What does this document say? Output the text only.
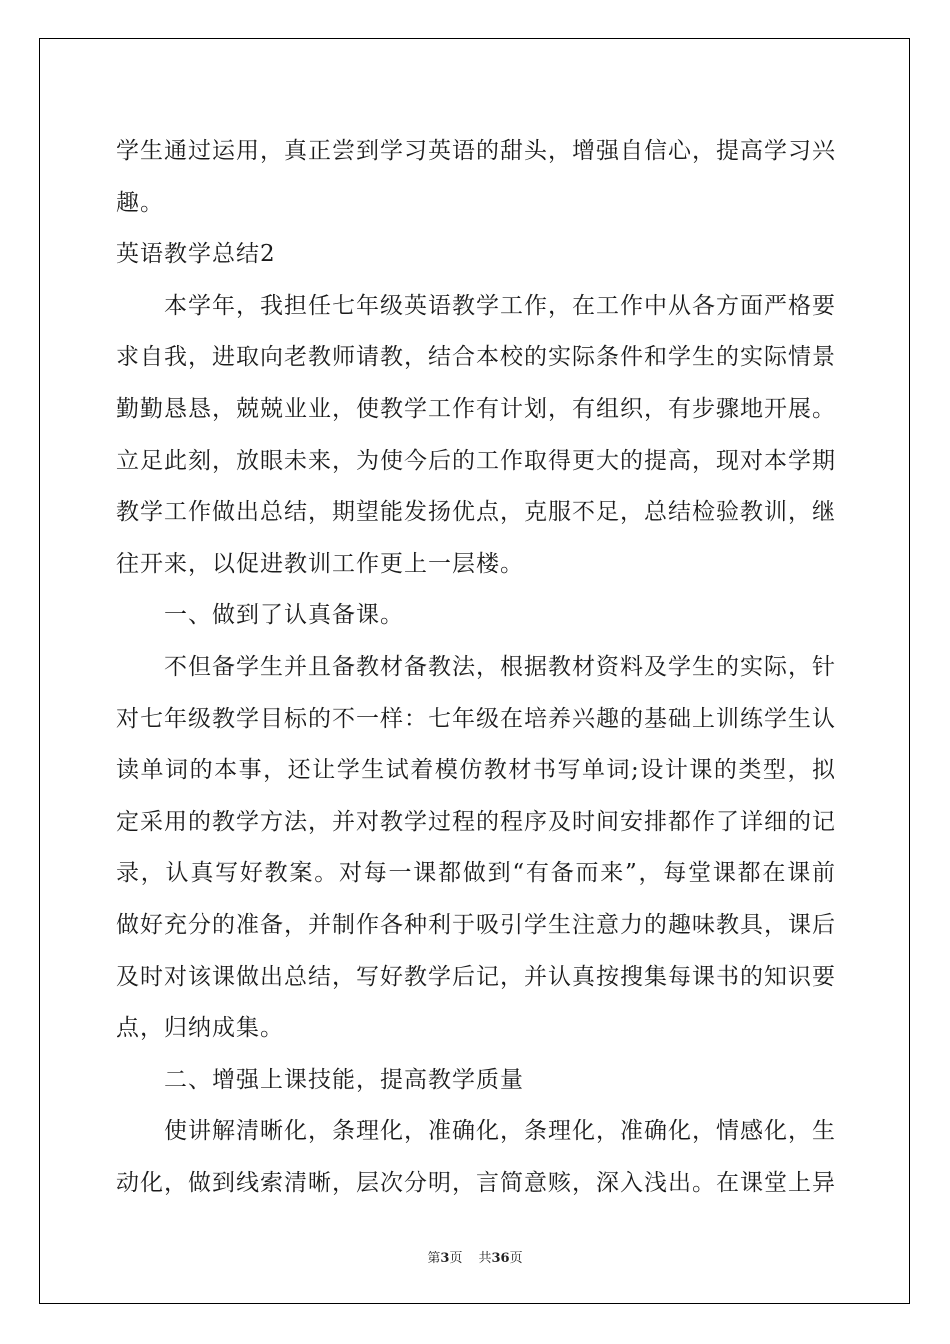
学生通过运用，真正尝到学习英语的甜头，增强自信心，提高学习兴趣。

英语教学总结2

本学年，我担任七年级英语教学工作，在工作中从各方面严格要求自我，进取向老教师请教，结合本校的实际条件和学生的实际情景勤勤恳恳，兢兢业业，使教学工作有计划，有组织，有步骤地开展。立足此刻，放眼未来，为使今后的工作取得更大的提高，现对本学期教学工作做出总结，期望能发扬优点，克服不足，总结检验教训，继往开来，以促进教训工作更上一层楼。

一、做到了认真备课。

不但备学生并且备教材备教法，根据教材资料及学生的实际，针对七年级教学目标的不一样：七年级在培养兴趣的基础上训练学生认读单词的本事，还让学生试着模仿教材书写单词;设计课的类型，拟定采用的教学方法，并对教学过程的程序及时间安排都作了详细的记录，认真写好教案。对每一课都做到“有备而来”，每堂课都在课前做好充分的准备，并制作各种利于吸引学生注意力的趣味教具，课后及时对该课做出总结，写好教学后记，并认真按搜集每课书的知识要点，归纳成集。

二、增强上课技能，提高教学质量

使讲解清晰化，条理化，准确化，条理化，准确化，情感化，生动化，做到线索清晰，层次分明，言简意赅，深入浅出。在课堂上异

第3页 共36页
